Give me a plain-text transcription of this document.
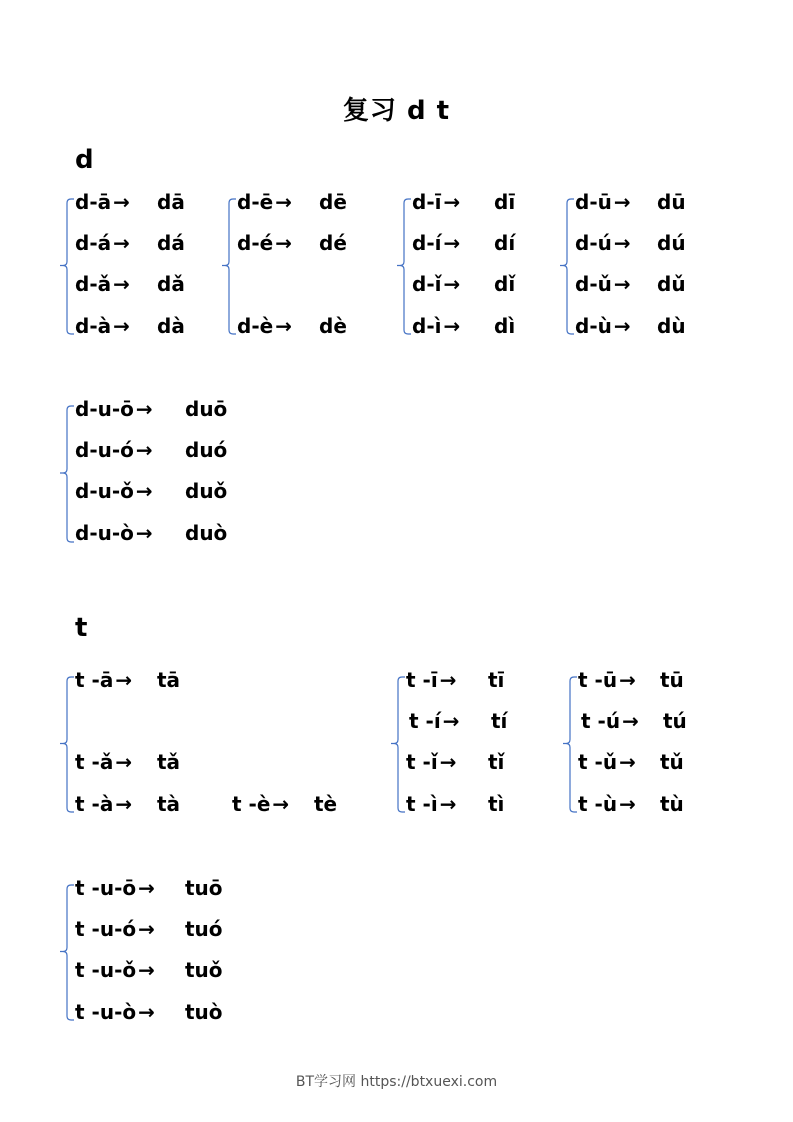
复习 d t
d
t
d-ā → dā
d-á → dá
d-ǎ → dǎ
d-à → dà
d-ē → dē
d-é → dé
d-è → dè
d-ī → dī
d-í → dí
d-ǐ → dǐ
d-ì → dì
d-ū → dū
d-ú → dú
d-ǔ → dǔ
d-ù → dù
d-u-ō → duō
d-u-ó → duó
d-u-ǒ → duǒ
d-u-ò → duò
t -ā → tā
t -ǎ → tǎ
t -à → tà	t -è → tè
t -ī → tī
t -í → tí
t -ǐ → tǐ
t -ì → tì
t -ū → tū
t -ú → tú
t -ǔ → tǔ
t -ù → tù
t -u-ō → tuō
t -u-ó → tuó
t -u-ǒ → tuǒ
t -u-ò → tuò
BT学习网 https://btxuexi.com
